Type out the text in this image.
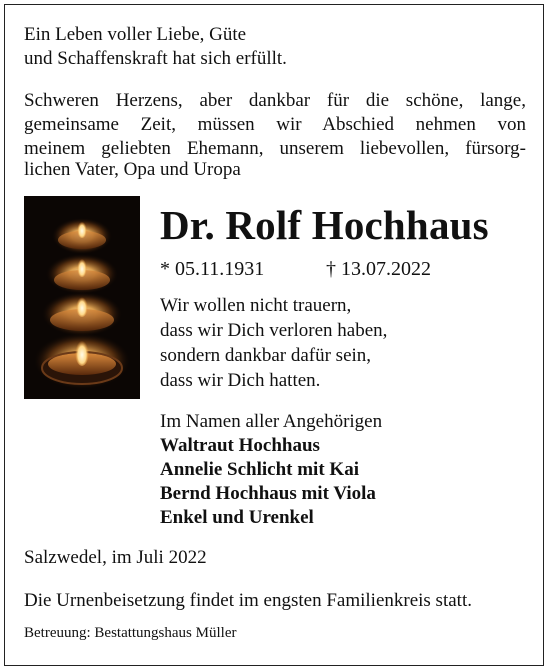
Ein Leben voller Liebe, Güte
und Schaffenskraft hat sich erfüllt.
Schweren Herzens, aber dankbar für die schöne, lange,
gemeinsame Zeit, müssen wir Abschied nehmen von
meinem geliebten Ehemann, unserem liebevollen, fürsorg-
lichen Vater, Opa und Uropa
Dr. Rolf Hochhaus
* 05.11.1931	† 13.07.2022
Wir wollen nicht trauern,
dass wir Dich verloren haben,
sondern dankbar dafür sein,
dass wir Dich hatten.
Im Namen aller Angehörigen
Waltraut Hochhaus
Annelie Schlicht mit Kai
Bernd Hochhaus mit Viola
Enkel und Urenkel
Salzwedel, im Juli 2022
Die Urnenbeisetzung findet im engsten Familienkreis statt.
Betreuung: Bestattungshaus Müller
